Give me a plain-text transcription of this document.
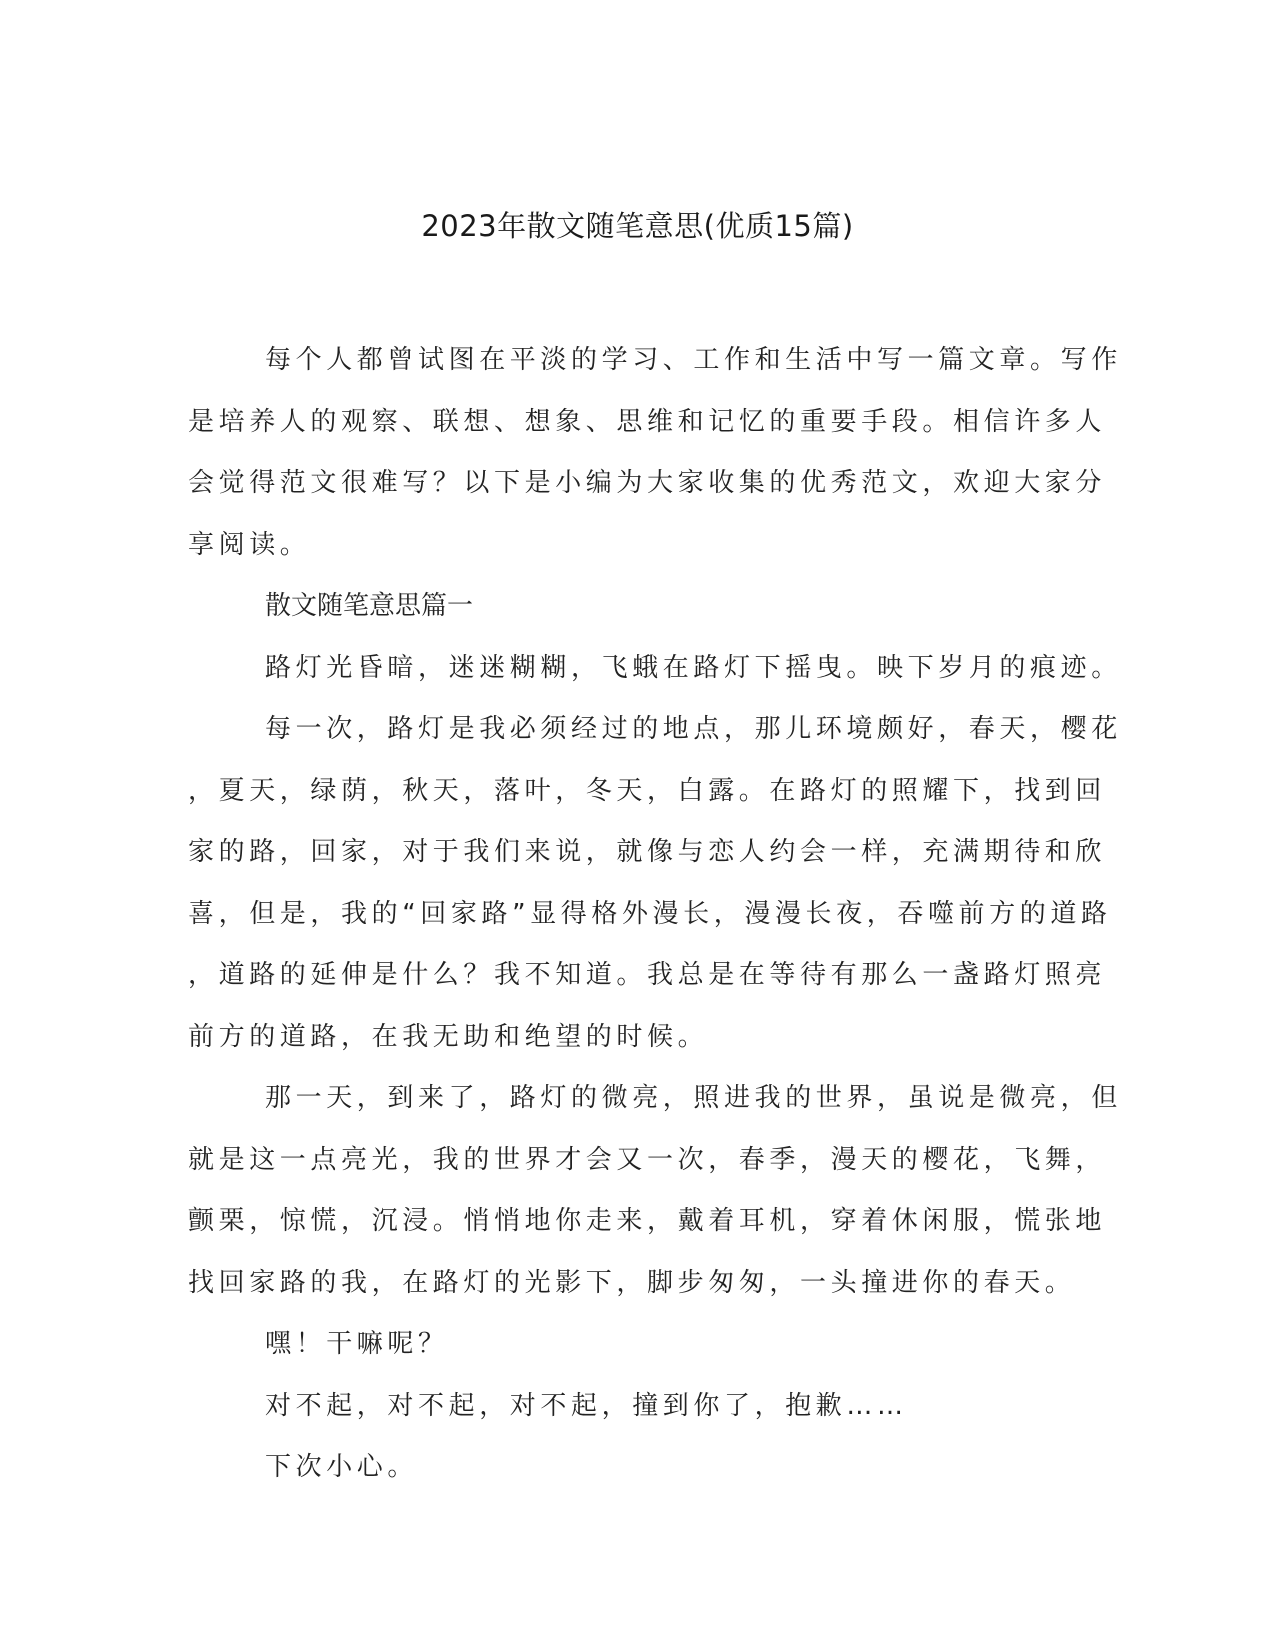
2023年散文随笔意思(优质15篇)
每个人都曾试图在平淡的学习、工作和生活中写一篇文章。写作
是培养人的观察、联想、想象、思维和记忆的重要手段。相信许多人
会觉得范文很难写？以下是小编为大家收集的优秀范文，欢迎大家分
享阅读。
散文随笔意思篇一
路灯光昏暗，迷迷糊糊，飞蛾在路灯下摇曳。映下岁月的痕迹。
每一次，路灯是我必须经过的地点，那儿环境颇好，春天，樱花
，夏天，绿荫，秋天，落叶，冬天，白露。在路灯的照耀下，找到回
家的路，回家，对于我们来说，就像与恋人约会一样，充满期待和欣
喜，但是，我的“回家路”显得格外漫长，漫漫长夜，吞噬前方的道路
，道路的延伸是什么？我不知道。我总是在等待有那么一盏路灯照亮
前方的道路，在我无助和绝望的时候。
那一天，到来了，路灯的微亮，照进我的世界，虽说是微亮，但
就是这一点亮光，我的世界才会又一次，春季，漫天的樱花，飞舞，
颤栗，惊慌，沉浸。悄悄地你走来，戴着耳机，穿着休闲服，慌张地
找回家路的我，在路灯的光影下，脚步匆匆，一头撞进你的春天。
嘿！干嘛呢？
对不起，对不起，对不起，撞到你了，抱歉……
下次小心。
